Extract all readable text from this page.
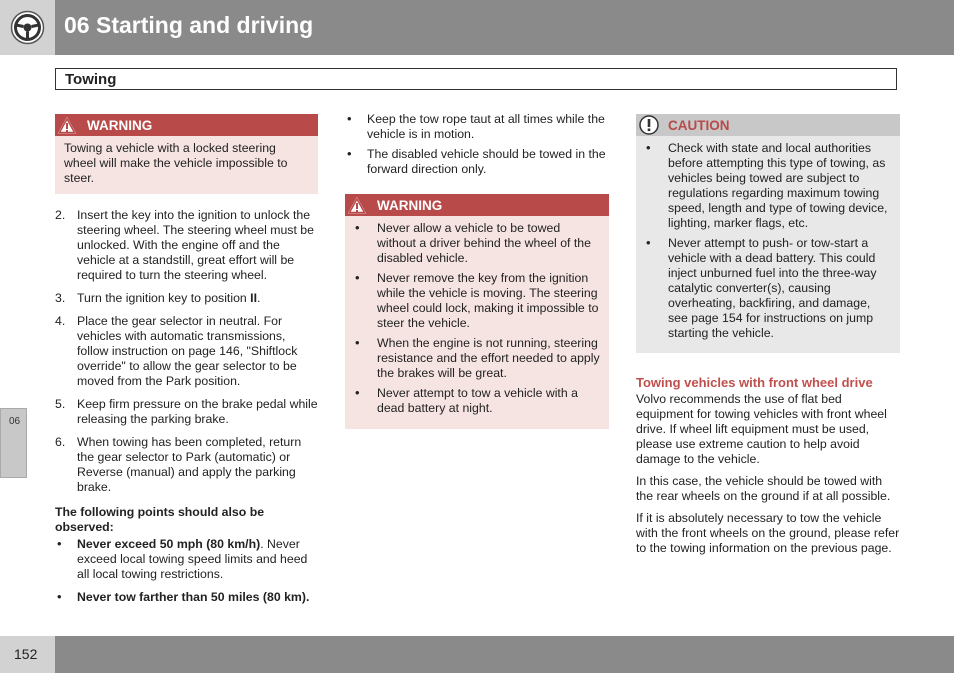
06 Starting and driving
Towing
06
WARNING
Towing a vehicle with a locked steering wheel will make the vehicle impossible to steer.
2. Insert the key into the ignition to unlock the steering wheel. The steering wheel must be unlocked. With the engine off and the vehicle at a standstill, great effort will be required to turn the steering wheel.
3. Turn the ignition key to position II.
4. Place the gear selector in neutral. For vehicles with automatic transmissions, follow instruction on page 146, "Shiftlock override" to allow the gear selector to be moved from the Park position.
5. Keep firm pressure on the brake pedal while releasing the parking brake.
6. When towing has been completed, return the gear selector to Park (automatic) or Reverse (manual) and apply the parking brake.
The following points should also be observed:
• Never exceed 50 mph (80 km/h). Never exceed local towing speed limits and heed all local towing restrictions.
• Never tow farther than 50 miles (80 km).
• Keep the tow rope taut at all times while the vehicle is in motion.
• The disabled vehicle should be towed in the forward direction only.
WARNING
• Never allow a vehicle to be towed without a driver behind the wheel of the disabled vehicle.
• Never remove the key from the ignition while the vehicle is moving. The steering wheel could lock, making it impossible to steer the vehicle.
• When the engine is not running, steering resistance and the effort needed to apply the brakes will be great.
• Never attempt to tow a vehicle with a dead battery at night.
CAUTION
• Check with state and local authorities before attempting this type of towing, as vehicles being towed are subject to regulations regarding maximum towing speed, length and type of towing device, lighting, marker flags, etc.
• Never attempt to push- or tow-start a vehicle with a dead battery. This could inject unburned fuel into the three-way catalytic converter(s), causing overheating, backfiring, and damage, see page 154 for instructions on jump starting the vehicle.
Towing vehicles with front wheel drive

Volvo recommends the use of flat bed equipment for towing vehicles with front wheel drive. If wheel lift equipment must be used, please use extreme caution to help avoid damage to the vehicle.

In this case, the vehicle should be towed with the rear wheels on the ground if at all possible.

If it is absolutely necessary to tow the vehicle with the front wheels on the ground, please refer to the towing information on the previous page.

152
